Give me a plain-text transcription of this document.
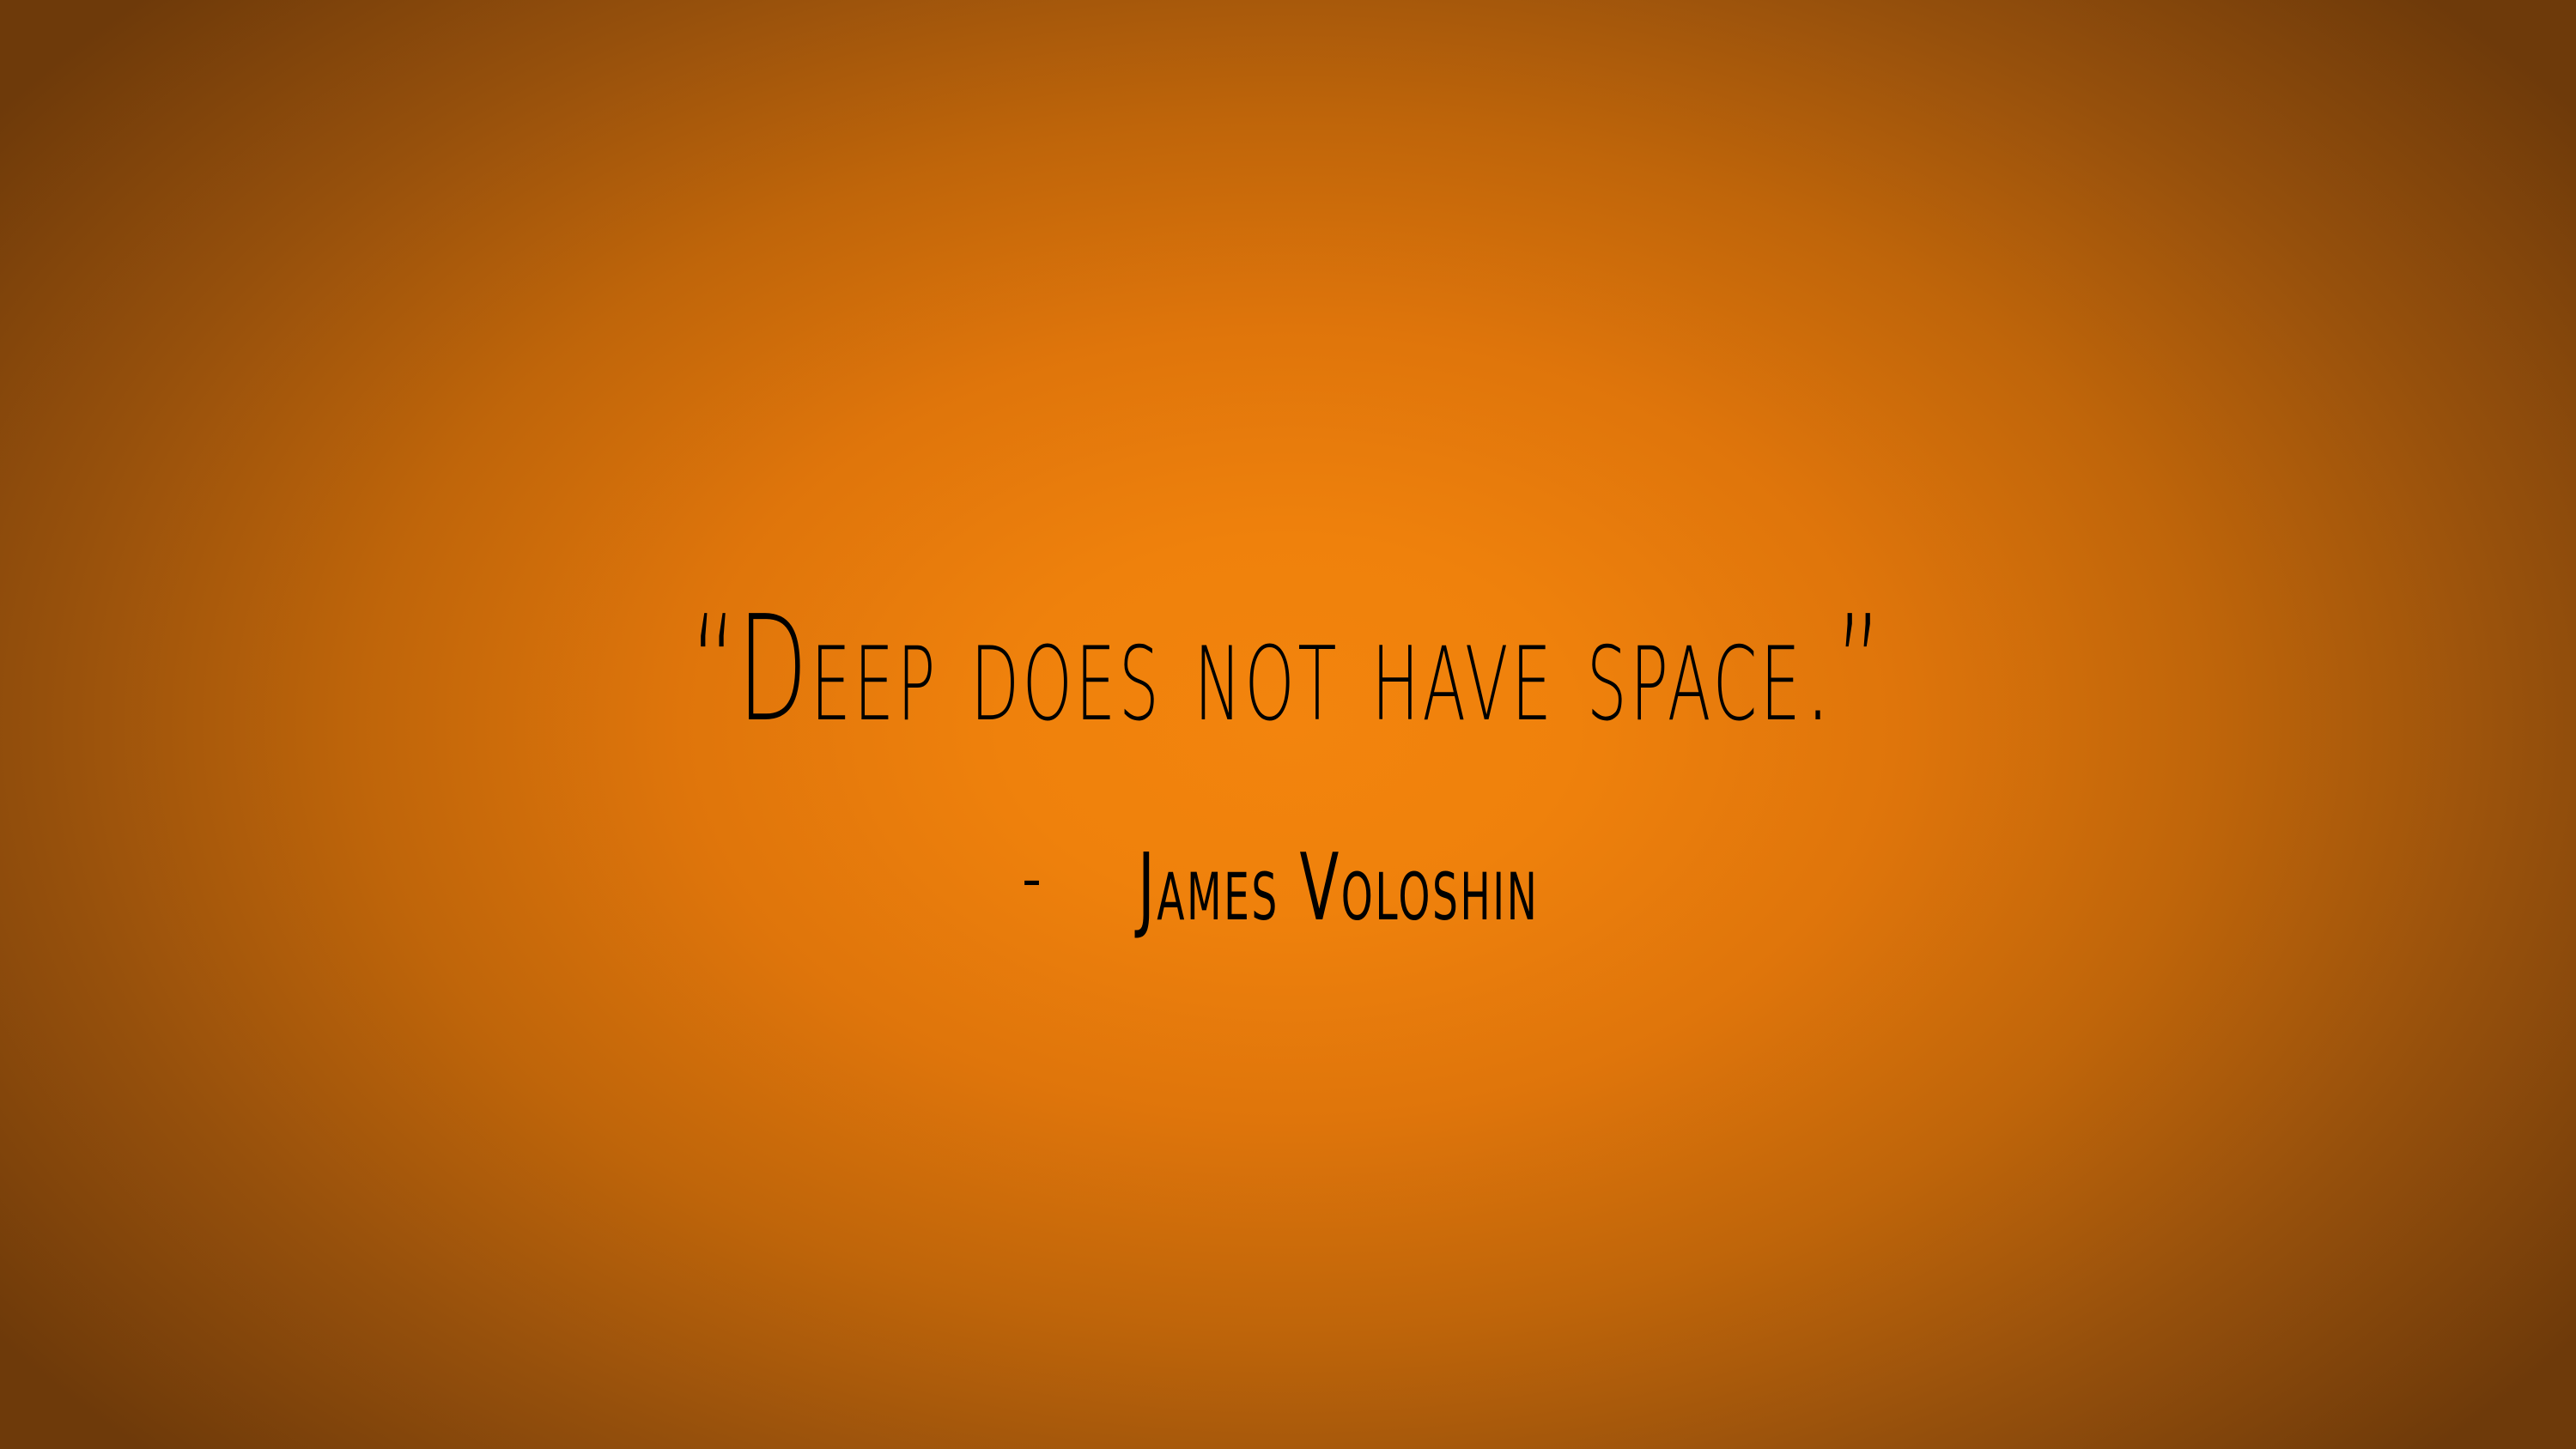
“Deep does not have space.”
- James Voloshin
